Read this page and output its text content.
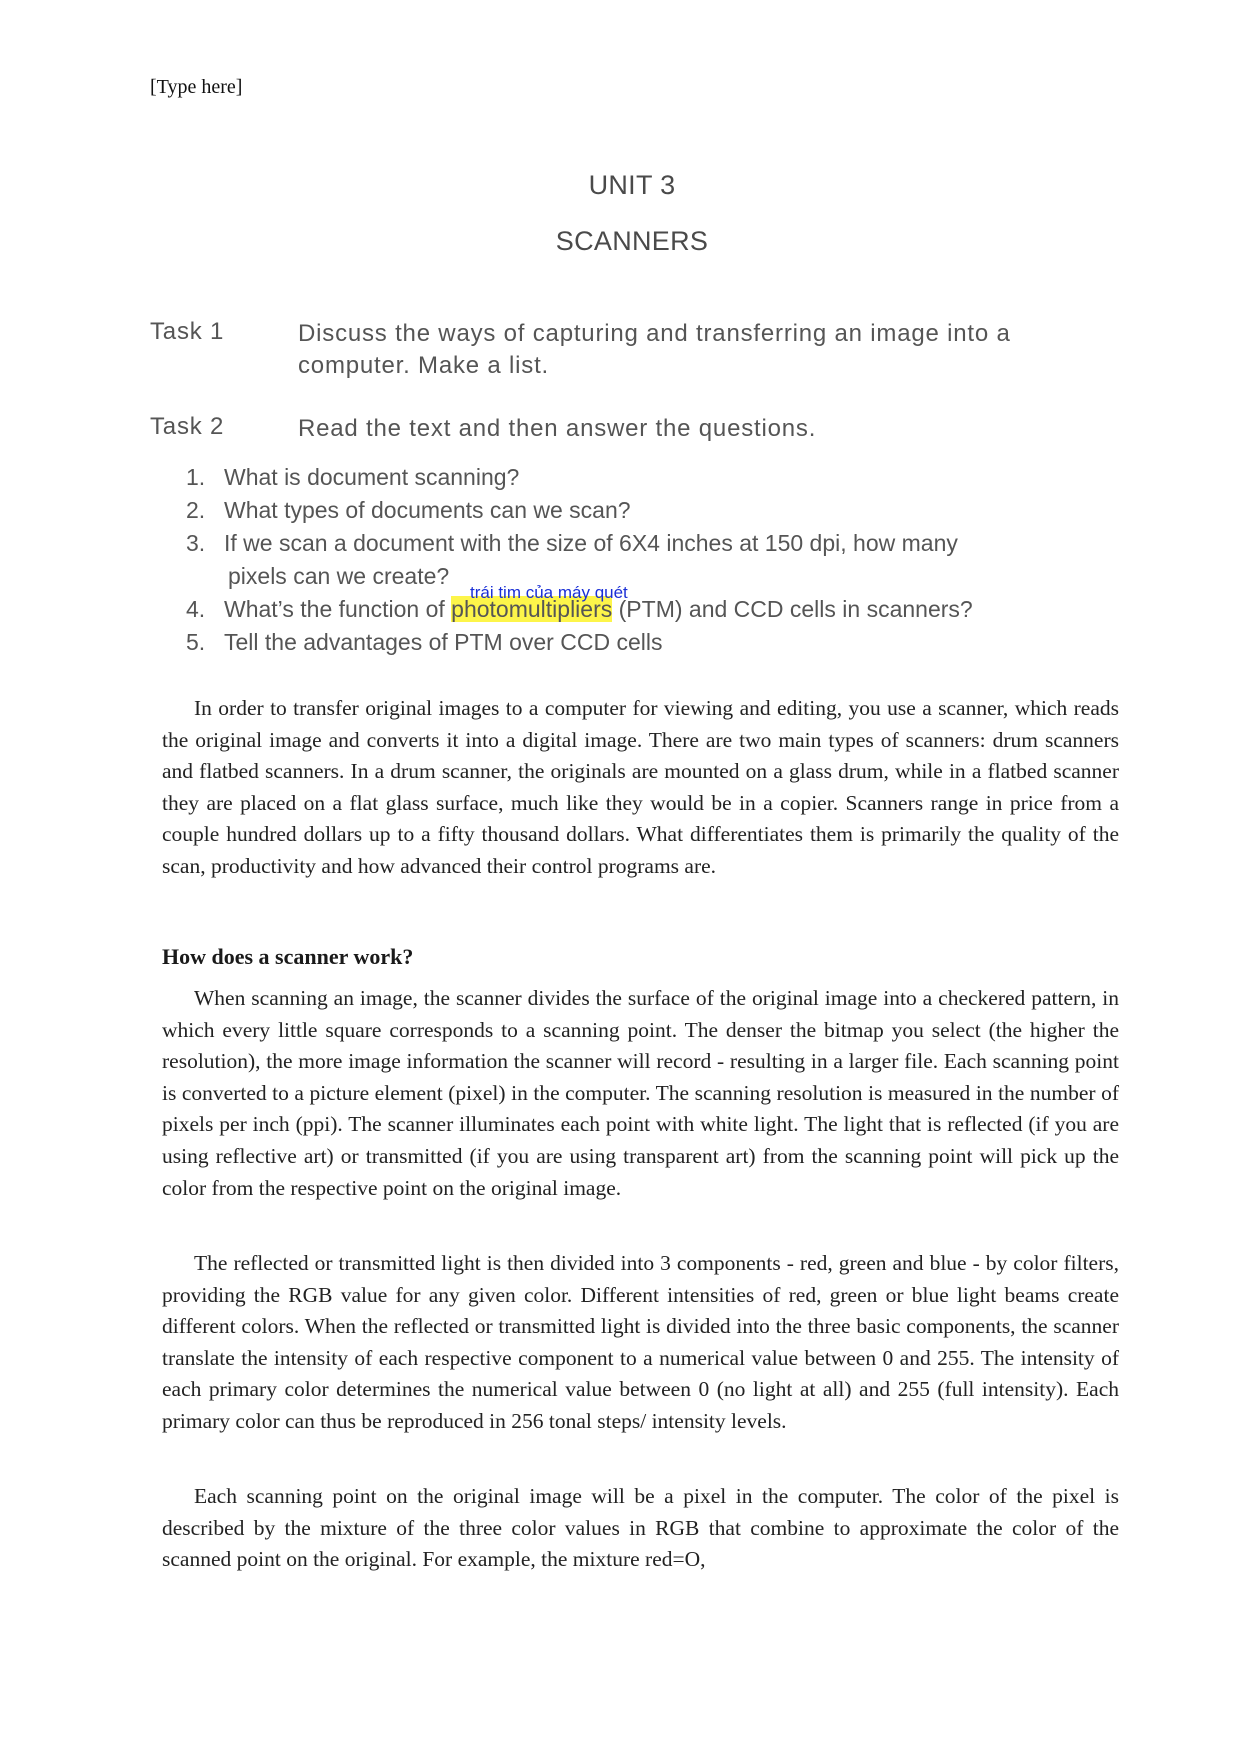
[Type here]
UNIT 3
SCANNERS
Task 1	Discuss the ways of capturing and transferring an image into a computer. Make a list.
Task 2	Read the text and then answer the questions.
1. What is document scanning?
2. What types of documents can we scan?
3. If we scan a document with the size of 6X4 inches at 150 dpi, how many
pixels can we create?
4. What’s the function of photomultipliers (PTM) and CCD cells in scanners?
5. Tell the advantages of PTM over CCD cells
trái tim của máy quét

In order to transfer original images to a computer for viewing and editing, you use a scanner, which reads the original image and converts it into a digital image. There are two main types of scanners: drum scanners and flatbed scanners. In a drum scanner, the originals are mounted on a glass drum, while in a flatbed scanner they are placed on a flat glass surface, much like they would be in a copier. Scanners range in price from a couple hundred dollars up to a fifty thousand dollars. What differentiates them is primarily the quality of the scan, productivity and how advanced their control programs are.

How does a scanner work?

When scanning an image, the scanner divides the surface of the original image into a checkered pattern, in which every little square corresponds to a scanning point. The denser the bitmap you select (the higher the resolution), the more image information the scanner will record - resulting in a larger file. Each scanning point is converted to a picture element (pixel) in the computer. The scanning resolution is measured in the number of pixels per inch (ppi). The scanner illuminates each point with white light. The light that is reflected (if you are using reflective art) or transmitted (if you are using transparent art) from the scanning point will pick up the color from the respective point on the original image.

The reflected or transmitted light is then divided into 3 components - red, green and blue - by color filters, providing the RGB value for any given color. Different intensities of red, green or blue light beams create different colors. When the reflected or transmitted light is divided into the three basic components, the scanner translate the intensity of each respective component to a numerical value between 0 and 255. The intensity of each primary color determines the numerical value between 0 (no light at all) and 255 (full intensity). Each primary color can thus be reproduced in 256 tonal steps/ intensity levels.

Each scanning point on the original image will be a pixel in the computer. The color of the pixel is described by the mixture of the three color values in RGB that combine to approximate the color of the scanned point on the original. For example, the mixture red=O,
